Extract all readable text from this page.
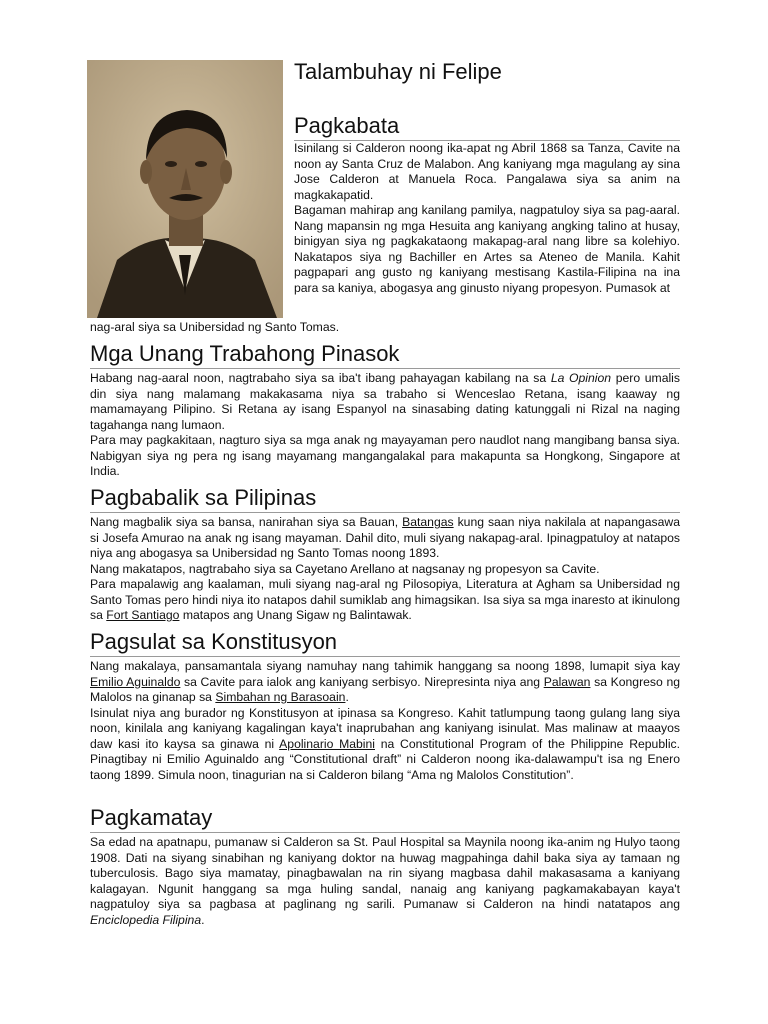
Talambuhay ni Felipe
Pagkabata

Isinilang si Calderon noong ika-apat ng Abril 1868 sa Tanza, Cavite na noon ay Santa Cruz de Malabon. Ang kaniyang mga magulang ay sina Jose Calderon at Manuela Roca. Pangalawa siya sa anim na magkakapatid.

Bagaman mahirap ang kanilang pamilya, nagpatuloy siya sa pag-aaral. Nang mapansin ng mga Hesuita ang kaniyang angking talino at husay, binigyan siya ng pagkakataong makapag-aral nang libre sa kolehiyo. Nakatapos siya ng Bachiller en Artes sa Ateneo de Manila. Kahit pagpapari ang gusto ng kaniyang mestisang Kastila-Filipina na ina para sa kaniya, abogasya ang ginusto niyang propesyon. Pumasok at

nag-aral siya sa Unibersidad ng Santo Tomas.
Mga Unang Trabahong Pinasok

Habang nag-aaral noon, nagtrabaho siya sa iba't ibang pahayagan kabilang na sa La Opinion pero umalis din siya nang malamang makakasama niya sa trabaho si Wenceslao Retana, isang kaaway ng mamamayang Pilipino. Si Retana ay isang Espanyol na sinasabing dating katunggali ni Rizal na naging tagahanga nang lumaon.

Para may pagkakitaan, nagturo siya sa mga anak ng mayayaman pero naudlot nang mangibang bansa siya. Nabigyan siya ng pera ng isang mayamang mangangalakal para makapunta sa Hongkong, Singapore at India.

Pagbabalik sa Pilipinas

Nang magbalik siya sa bansa, nanirahan siya sa Bauan, Batangas kung saan niya nakilala at napangasawa si Josefa Amurao na anak ng isang mayaman. Dahil dito, muli siyang nakapag-aral. Ipinagpatuloy at natapos niya ang abogasya sa Unibersidad ng Santo Tomas noong 1893.

Nang makatapos, nagtrabaho siya sa Cayetano Arellano at nagsanay ng propesyon sa Cavite.

Para mapalawig ang kaalaman, muli siyang nag-aral ng Pilosopiya, Literatura at Agham sa Unibersidad ng Santo Tomas pero hindi niya ito natapos dahil sumiklab ang himagsikan. Isa siya sa mga inaresto at ikinulong sa Fort Santiago matapos ang Unang Sigaw ng Balintawak.

Pagsulat sa Konstitusyon

Nang makalaya, pansamantala siyang namuhay nang tahimik hanggang sa noong 1898, lumapit siya kay Emilio Aguinaldo sa Cavite para ialok ang kaniyang serbisyo. Nirepresinta niya ang Palawan sa Kongreso ng Malolos na ginanap sa Simbahan ng Barasoain.

Isinulat niya ang burador ng Konstitusyon at ipinasa sa Kongreso. Kahit tatlumpung taong gulang lang siya noon, kinilala ang kaniyang kagalingan kaya't inaprubahan ang kaniyang isinulat. Mas malinaw at maayos daw kasi ito kaysa sa ginawa ni Apolinario Mabini na Constitutional Program of the Philippine Republic. Pinagtibay ni Emilio Aguinaldo ang “Constitutional draft” ni Calderon noong ika-dalawampu't isa ng Enero taong 1899. Simula noon, tinagurian na si Calderon bilang “Ama ng Malolos Constitution”.

Pagkamatay

Sa edad na apatnapu, pumanaw si Calderon sa St. Paul Hospital sa Maynila noong ika-anim ng Hulyo taong 1908. Dati na siyang sinabihan ng kaniyang doktor na huwag magpahinga dahil baka siya ay tamaan ng tuberculosis. Bago siya mamatay, pinagbawalan na rin siyang magbasa dahil makasasama a kaniyang kalagayan. Ngunit hanggang sa mga huling sandal, nanaig ang kaniyang pagkamakabayan kaya't nagpatuloy siya sa pagbasa at paglinang ng sarili. Pumanaw si Calderon na hindi natatapos ang Enciclopedia Filipina.
